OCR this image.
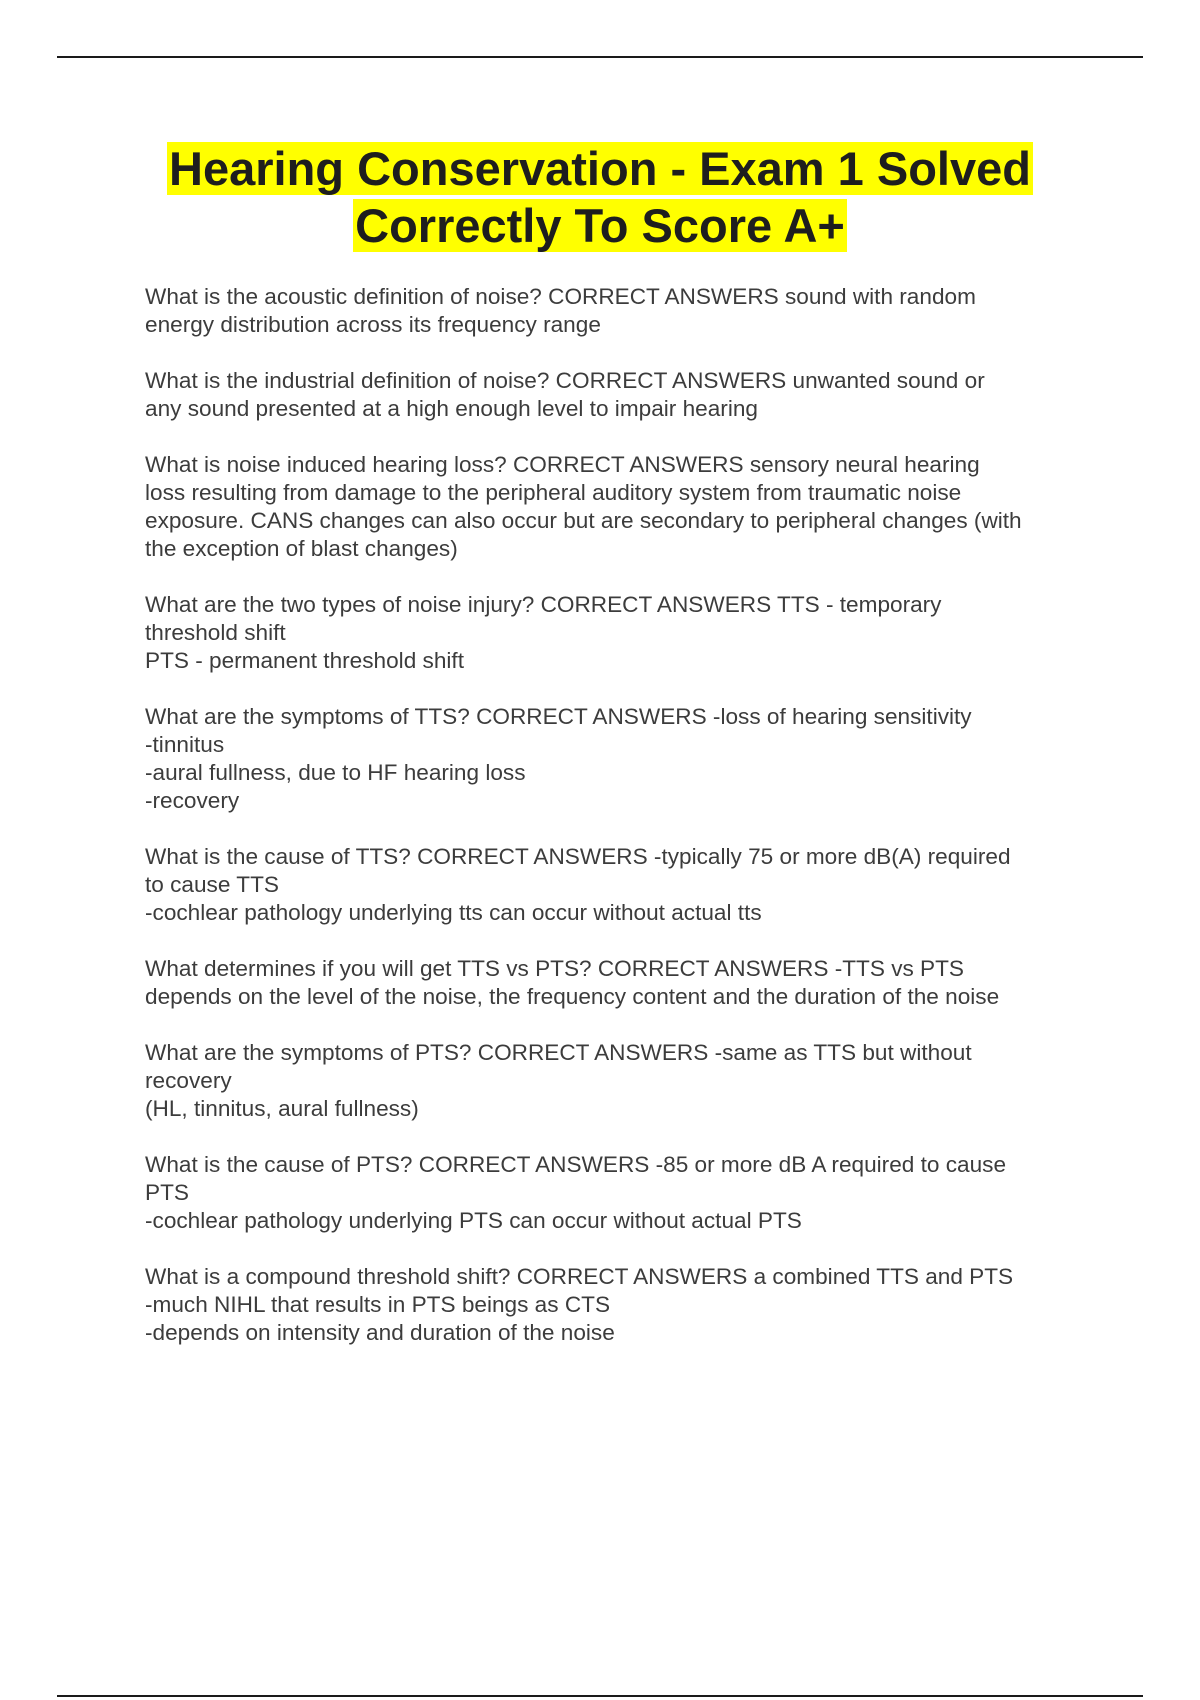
Hearing Conservation - Exam 1 Solved
Correctly To Score A+
What is the acoustic definition of noise? CORRECT ANSWERS sound with random
energy distribution across its frequency range
What is the industrial definition of noise? CORRECT ANSWERS unwanted sound or
any sound presented at a high enough level to impair hearing
What is noise induced hearing loss? CORRECT ANSWERS sensory neural hearing
loss resulting from damage to the peripheral auditory system from traumatic noise
exposure. CANS changes can also occur but are secondary to peripheral changes (with
the exception of blast changes)
What are the two types of noise injury? CORRECT ANSWERS TTS - temporary
threshold shift
PTS - permanent threshold shift
What are the symptoms of TTS? CORRECT ANSWERS -loss of hearing sensitivity
-tinnitus
-aural fullness, due to HF hearing loss
-recovery
What is the cause of TTS? CORRECT ANSWERS -typically 75 or more dB(A) required
to cause TTS
-cochlear pathology underlying tts can occur without actual tts
What determines if you will get TTS vs PTS? CORRECT ANSWERS -TTS vs PTS
depends on the level of the noise, the frequency content and the duration of the noise
What are the symptoms of PTS? CORRECT ANSWERS -same as TTS but without
recovery
(HL, tinnitus, aural fullness)
What is the cause of PTS? CORRECT ANSWERS -85 or more dB A required to cause
PTS
-cochlear pathology underlying PTS can occur without actual PTS
What is a compound threshold shift? CORRECT ANSWERS a combined TTS and PTS
-much NIHL that results in PTS beings as CTS
-depends on intensity and duration of the noise
